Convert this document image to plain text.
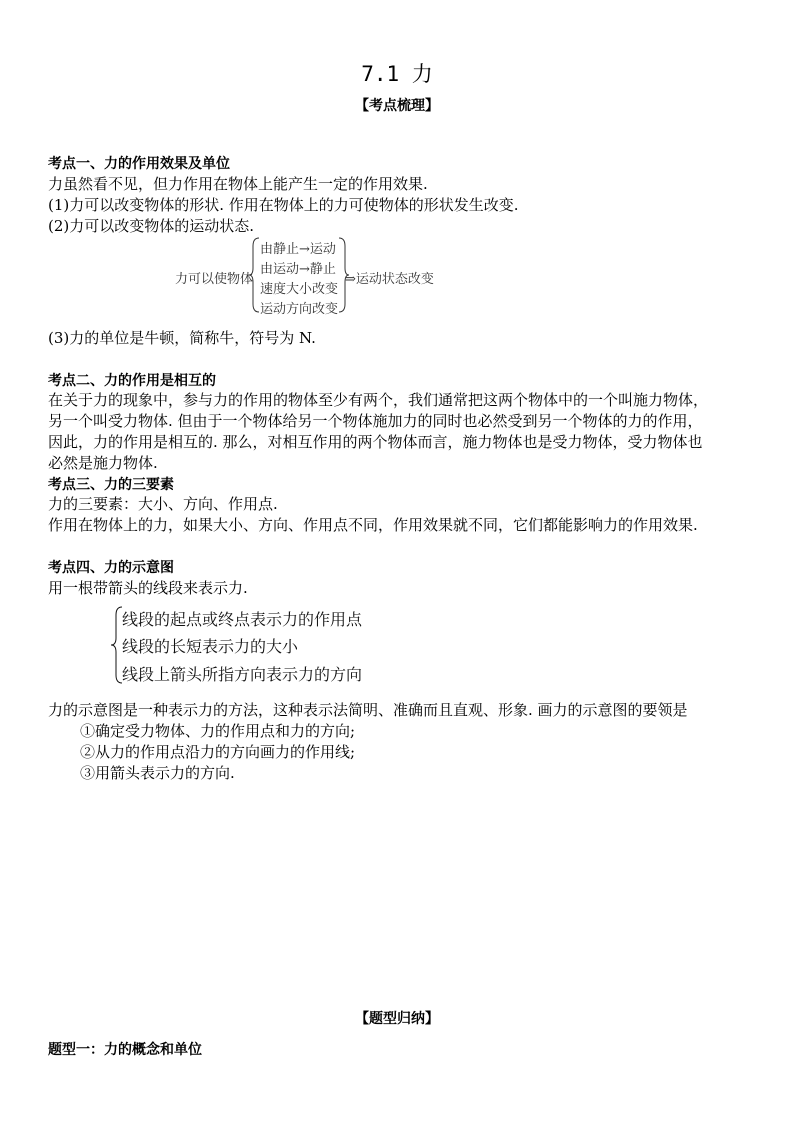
7.1 力
【考点梳理】
考点一、力的作用效果及单位
力虽然看不见，但力作用在物体上能产生一定的作用效果.
(1)力可以改变物体的形状. 作用在物体上的力可使物体的形状发生改变.
(2)力可以改变物体的运动状态.
力可以使物体
由静止→运动
由运动→静止
速度大小改变
运动方向改变
⇒运动状态改变
(3)力的单位是牛顿，简称牛，符号为 N.
考点二、力的作用是相互的
在关于力的现象中，参与力的作用的物体至少有两个，我们通常把这两个物体中的一个叫施力物体，
另一个叫受力物体. 但由于一个物体给另一个物体施加力的同时也必然受到另一个物体的力的作用，
因此，力的作用是相互的. 那么，对相互作用的两个物体而言，施力物体也是受力物体，受力物体也
必然是施力物体.
考点三、力的三要素
力的三要素：大小、方向、作用点.
作用在物体上的力，如果大小、方向、作用点不同，作用效果就不同，它们都能影响力的作用效果.
考点四、力的示意图
用一根带箭头的线段来表示力.
线段的起点或终点表示力的作用点
线段的长短表示力的大小
线段上箭头所指方向表示力的方向
力的示意图是一种表示力的方法，这种表示法简明、准确而且直观、形象. 画力的示意图的要领是
①确定受力物体、力的作用点和力的方向;
②从力的作用点沿力的方向画力的作用线;
③用箭头表示力的方向.
【题型归纳】
题型一：力的概念和单位
